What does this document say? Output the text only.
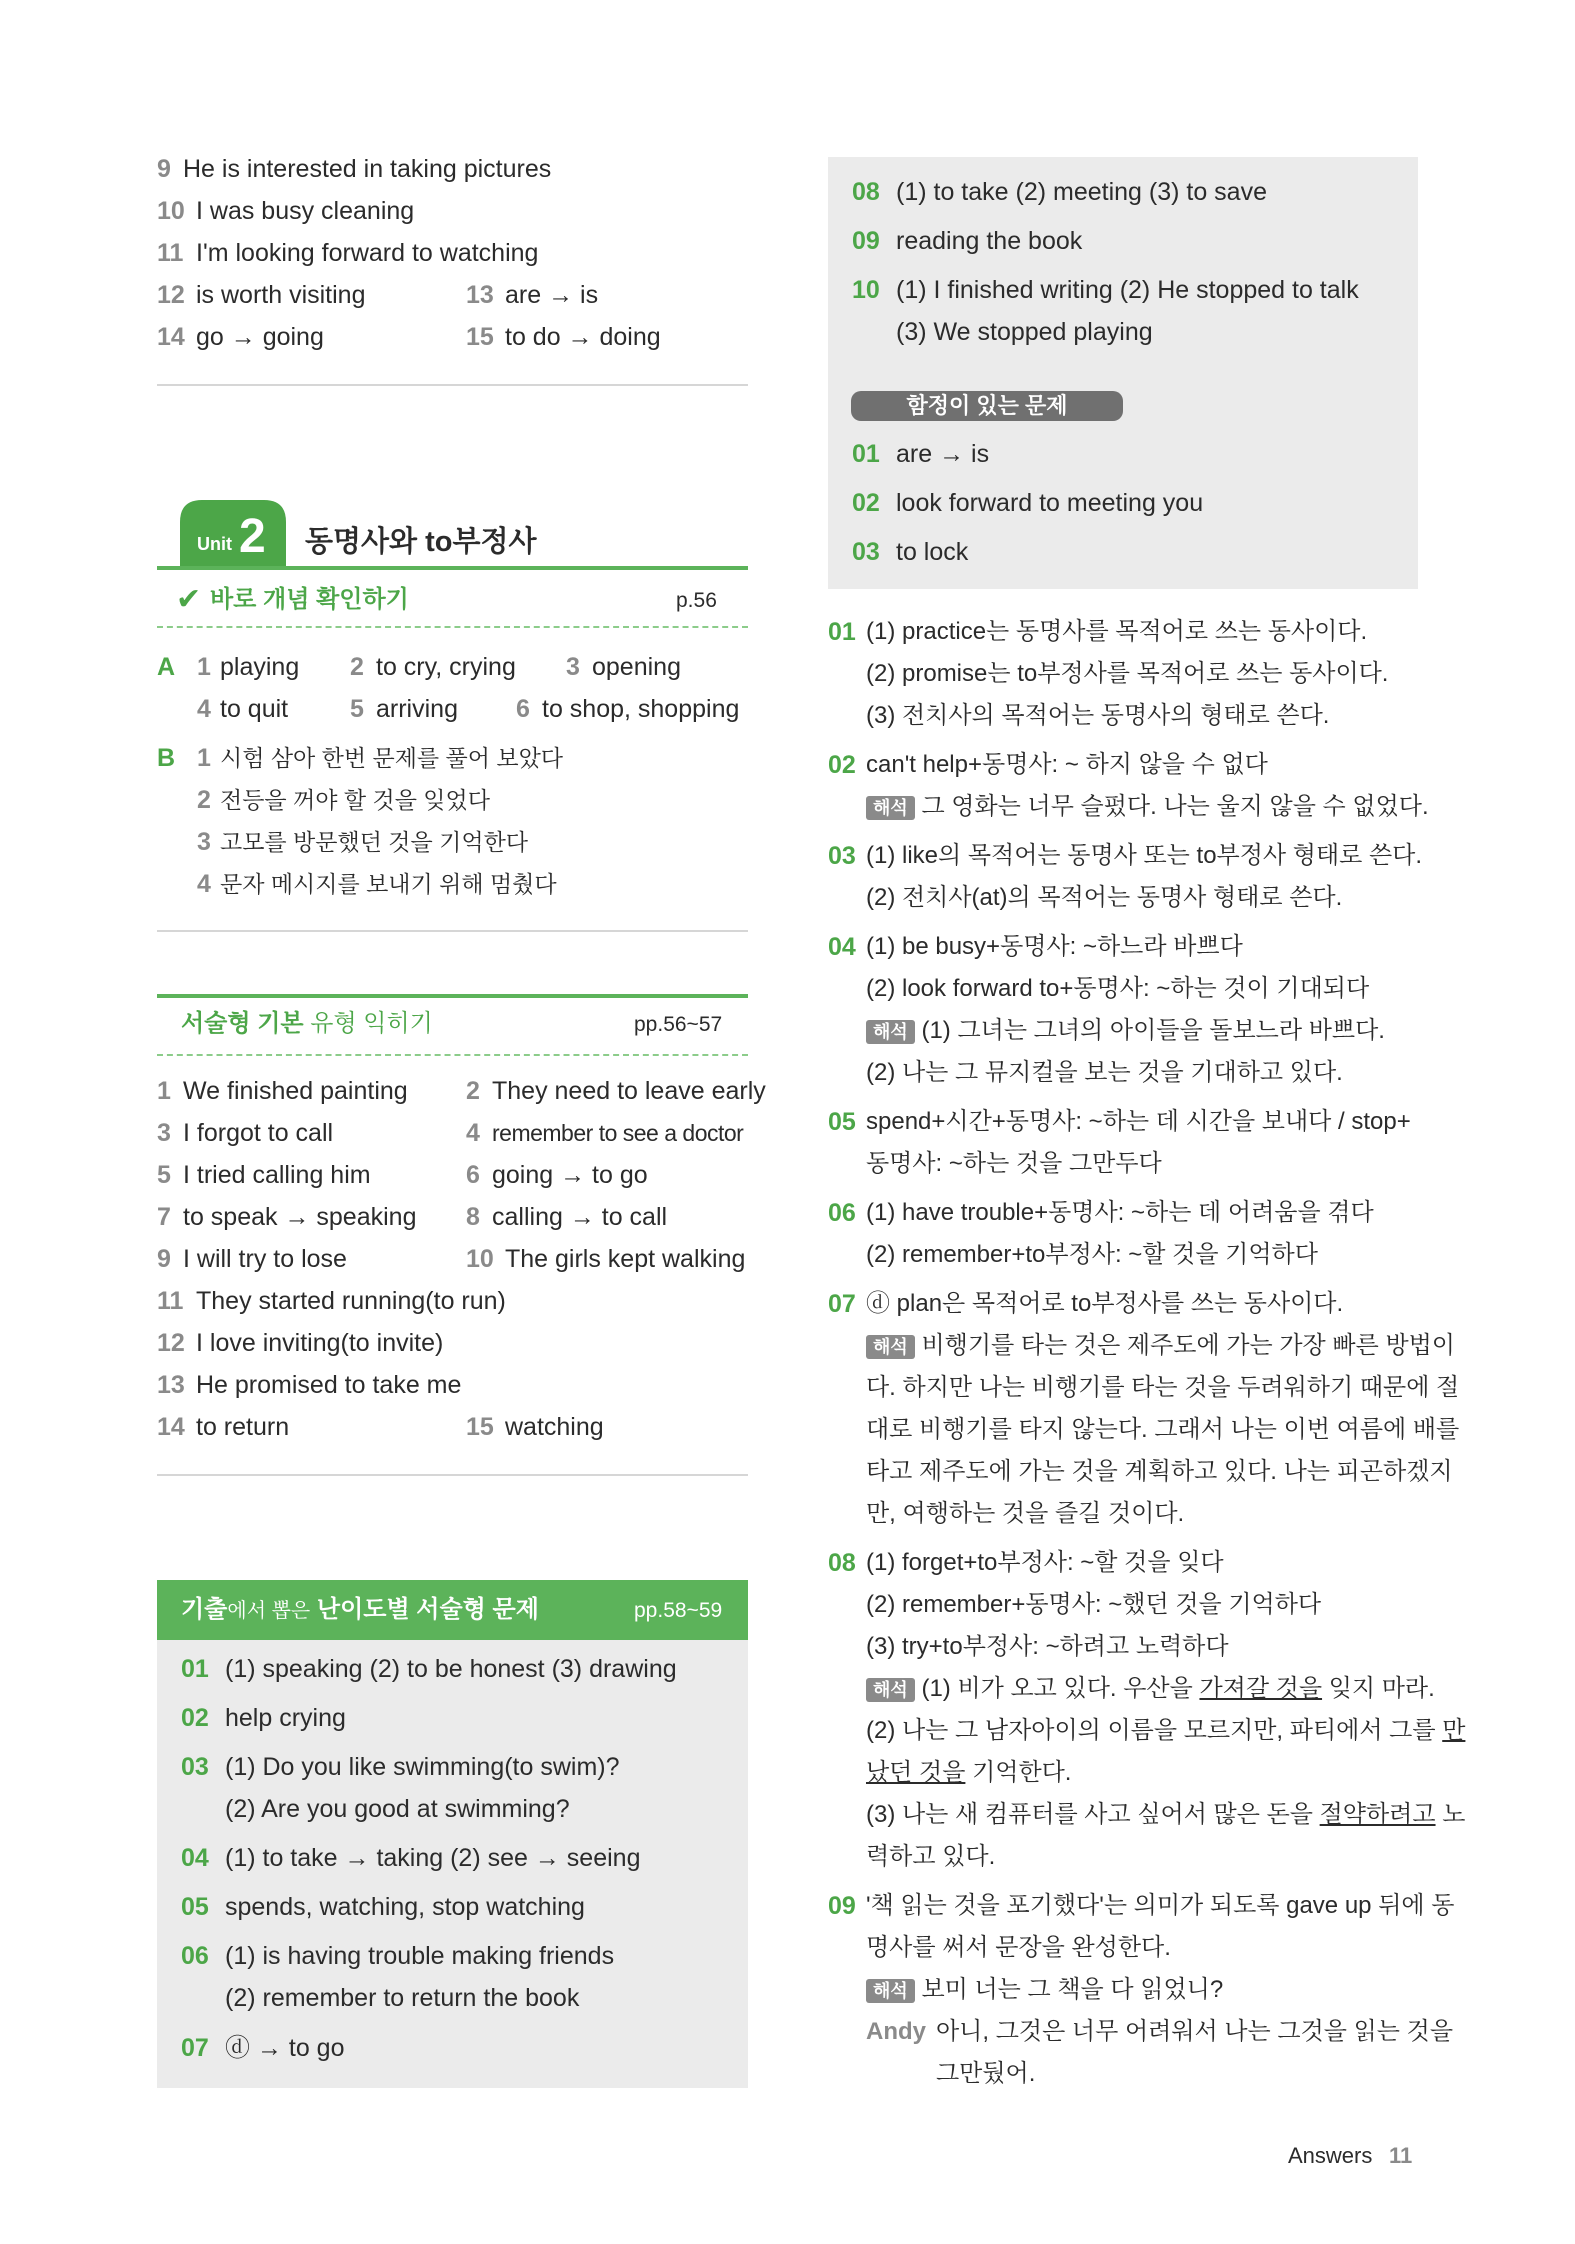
9 He is interested in taking pictures
10 I was busy cleaning
11 I'm looking forward to watching
12 is worth visiting	13 are → is
14 go → going	15 to do → doing
Unit 2 동명사와 to부정사
✔ 바로 개념 확인하기	p.56
A 1 playing 2 to cry, crying 3 opening
4 to quit 5 arriving 6 to shop, shopping
B 1 시험 삼아 한번 문제를 풀어 보았다
2 전등을 꺼야 할 것을 잊었다
3 고모를 방문했던 것을 기억한다
4 문자 메시지를 보내기 위해 멈췄다
서술형 기본 유형 익히기	pp.56~57
1 We finished painting 2 They need to leave early
3 I forgot to call	4 remember to see a doctor
5 I tried calling him	6 going → to go
7 to speak → speaking 8 calling → to call
9 I will try to lose	10 The girls kept walking
11 They started running(to run)
12 I love inviting(to invite)
13 He promised to take me
14 to return	15 watching
기출에서 뽑은 난이도별 서술형 문제	pp.58~59
01 (1) speaking (2) to be honest (3) drawing
02 help crying
03 (1) Do you like swimming(to swim)?
(2) Are you good at swimming?
04 (1) to take → taking (2) see → seeing
05 spends, watching, stop watching
06 (1) is having trouble making friends
(2) remember to return the book
07 ⓓ → to go
08 (1) to take (2) meeting (3) to save
09 reading the book
10 (1) I finished writing (2) He stopped to talk
(3) We stopped playing
함정이 있는 문제
01 are → is
02 look forward to meeting you
03 to lock
01 (1) practice는 동명사를 목적어로 쓰는 동사이다.
(2) promise는 to부정사를 목적어로 쓰는 동사이다.
(3) 전치사의 목적어는 동명사의 형태로 쓴다.
02 can't help+동명사: ~ 하지 않을 수 없다
해석 그 영화는 너무 슬펐다. 나는 울지 않을 수 없었다.
03 (1) like의 목적어는 동명사 또는 to부정사 형태로 쓴다.
(2) 전치사(at)의 목적어는 동명사 형태로 쓴다.
04 (1) be busy+동명사: ~하느라 바쁘다
(2) look forward to+동명사: ~하는 것이 기대되다
해석 (1) 그녀는 그녀의 아이들을 돌보느라 바쁘다.
(2) 나는 그 뮤지컬을 보는 것을 기대하고 있다.
05 spend+시간+동명사: ~하는 데 시간을 보내다 / stop+
동명사: ~하는 것을 그만두다
06 (1) have trouble+동명사: ~하는 데 어려움을 겪다
(2) remember+to부정사: ~할 것을 기억하다
07 ⓓ plan은 목적어로 to부정사를 쓰는 동사이다.
해석 비행기를 타는 것은 제주도에 가는 가장 빠른 방법이
다. 하지만 나는 비행기를 타는 것을 두려워하기 때문에 절
대로 비행기를 타지 않는다. 그래서 나는 이번 여름에 배를
타고 제주도에 가는 것을 계획하고 있다. 나는 피곤하겠지
만, 여행하는 것을 즐길 것이다.
08 (1) forget+to부정사: ~할 것을 잊다
(2) remember+동명사: ~했던 것을 기억하다
(3) try+to부정사: ~하려고 노력하다
해석 (1) 비가 오고 있다. 우산을 가져갈 것을 잊지 마라.
(2) 나는 그 남자아이의 이름을 모르지만, 파티에서 그를 만
났던 것을 기억한다.
(3) 나는 새 컴퓨터를 사고 싶어서 많은 돈을 절약하려고 노
력하고 있다.
09 '책 읽는 것을 포기했다'는 의미가 되도록 gave up 뒤에 동
명사를 써서 문장을 완성한다.
해석 보미 너는 그 책을 다 읽었니?
Andy 아니, 그것은 너무 어려워서 나는 그것을 읽는 것을
그만뒀어.
Answers 11
